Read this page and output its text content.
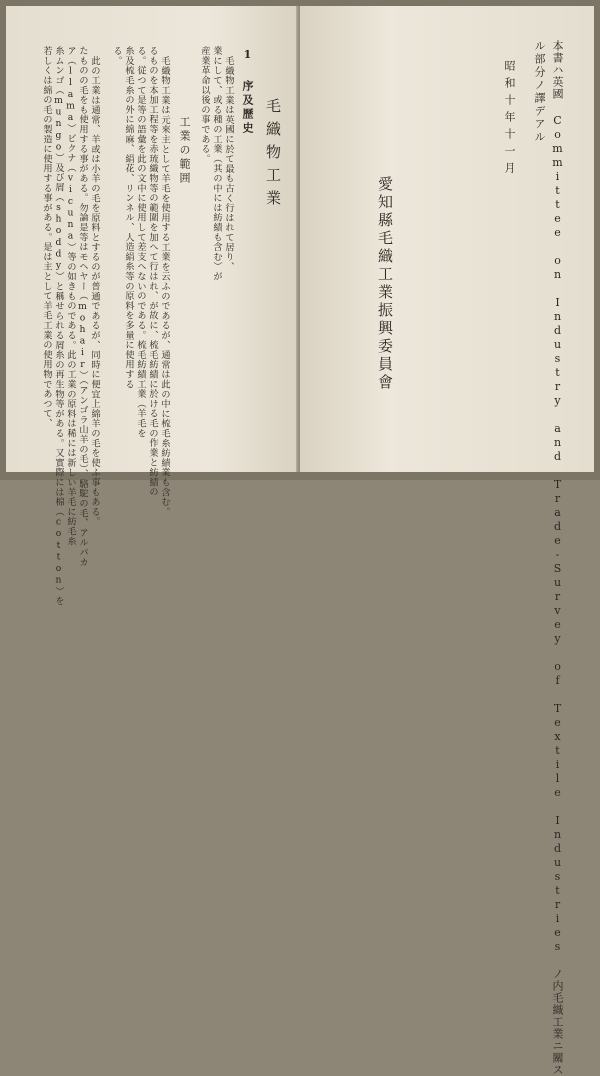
毛織物工業
1 序及歷史
毛織物工業は英國に於て最も古く行はれて居り、
業にして、或る種の工業（其の中には紡績も含む）が
産業革命以後の事である。
工業の範囲
毛織物工業は元來主として羊毛を使用する工業を云ふのであるが、通常は此の中に梳毛糸紡績業も含む。
るものを本加工程等を赤琉織物等の範圍を加へて行はれ、が故に、梳毛紡績に於ける毛の作業と紡績の
る。従つて是等の語彙を此の文中に使用して差支へないのである。梳毛紡績工業（羊毛を
糸及梳毛糸の外に綿麻、絹花、リンネル、人造絹糸等の原料を多量に使用する
る。
此の工業は通常、羊或は小羊の毛を原料とするのが普通であるが、同時に便宜上綿羊の毛を使ふ事もある。
たものの毛をも使用する事がある。勿論是等はモヘヤー（mohair）（アンゴラ山羊の毛）、駱駝の毛、アルパカ
ア（llama）ビクナ（vicuna）等の如きものである。此の工業の原料は稀には新しい羊毛に紡毛糸
糸ムンゴ（mungo）及び屑（shoddy）と稱せられる屑糸の再生物等がある。又實際には棉（cotton）を
若しくは綿の毛の製造に使用する事がある。是は主として羊毛工業の使用物であつて、	本書ハ英國 Committee on Industry and Trade-Survey of Textile Industries ノ内毛織工業ニ關ス
ル部分ノ譯デアル
昭和十年十一月
愛知縣毛織工業振興委員會
